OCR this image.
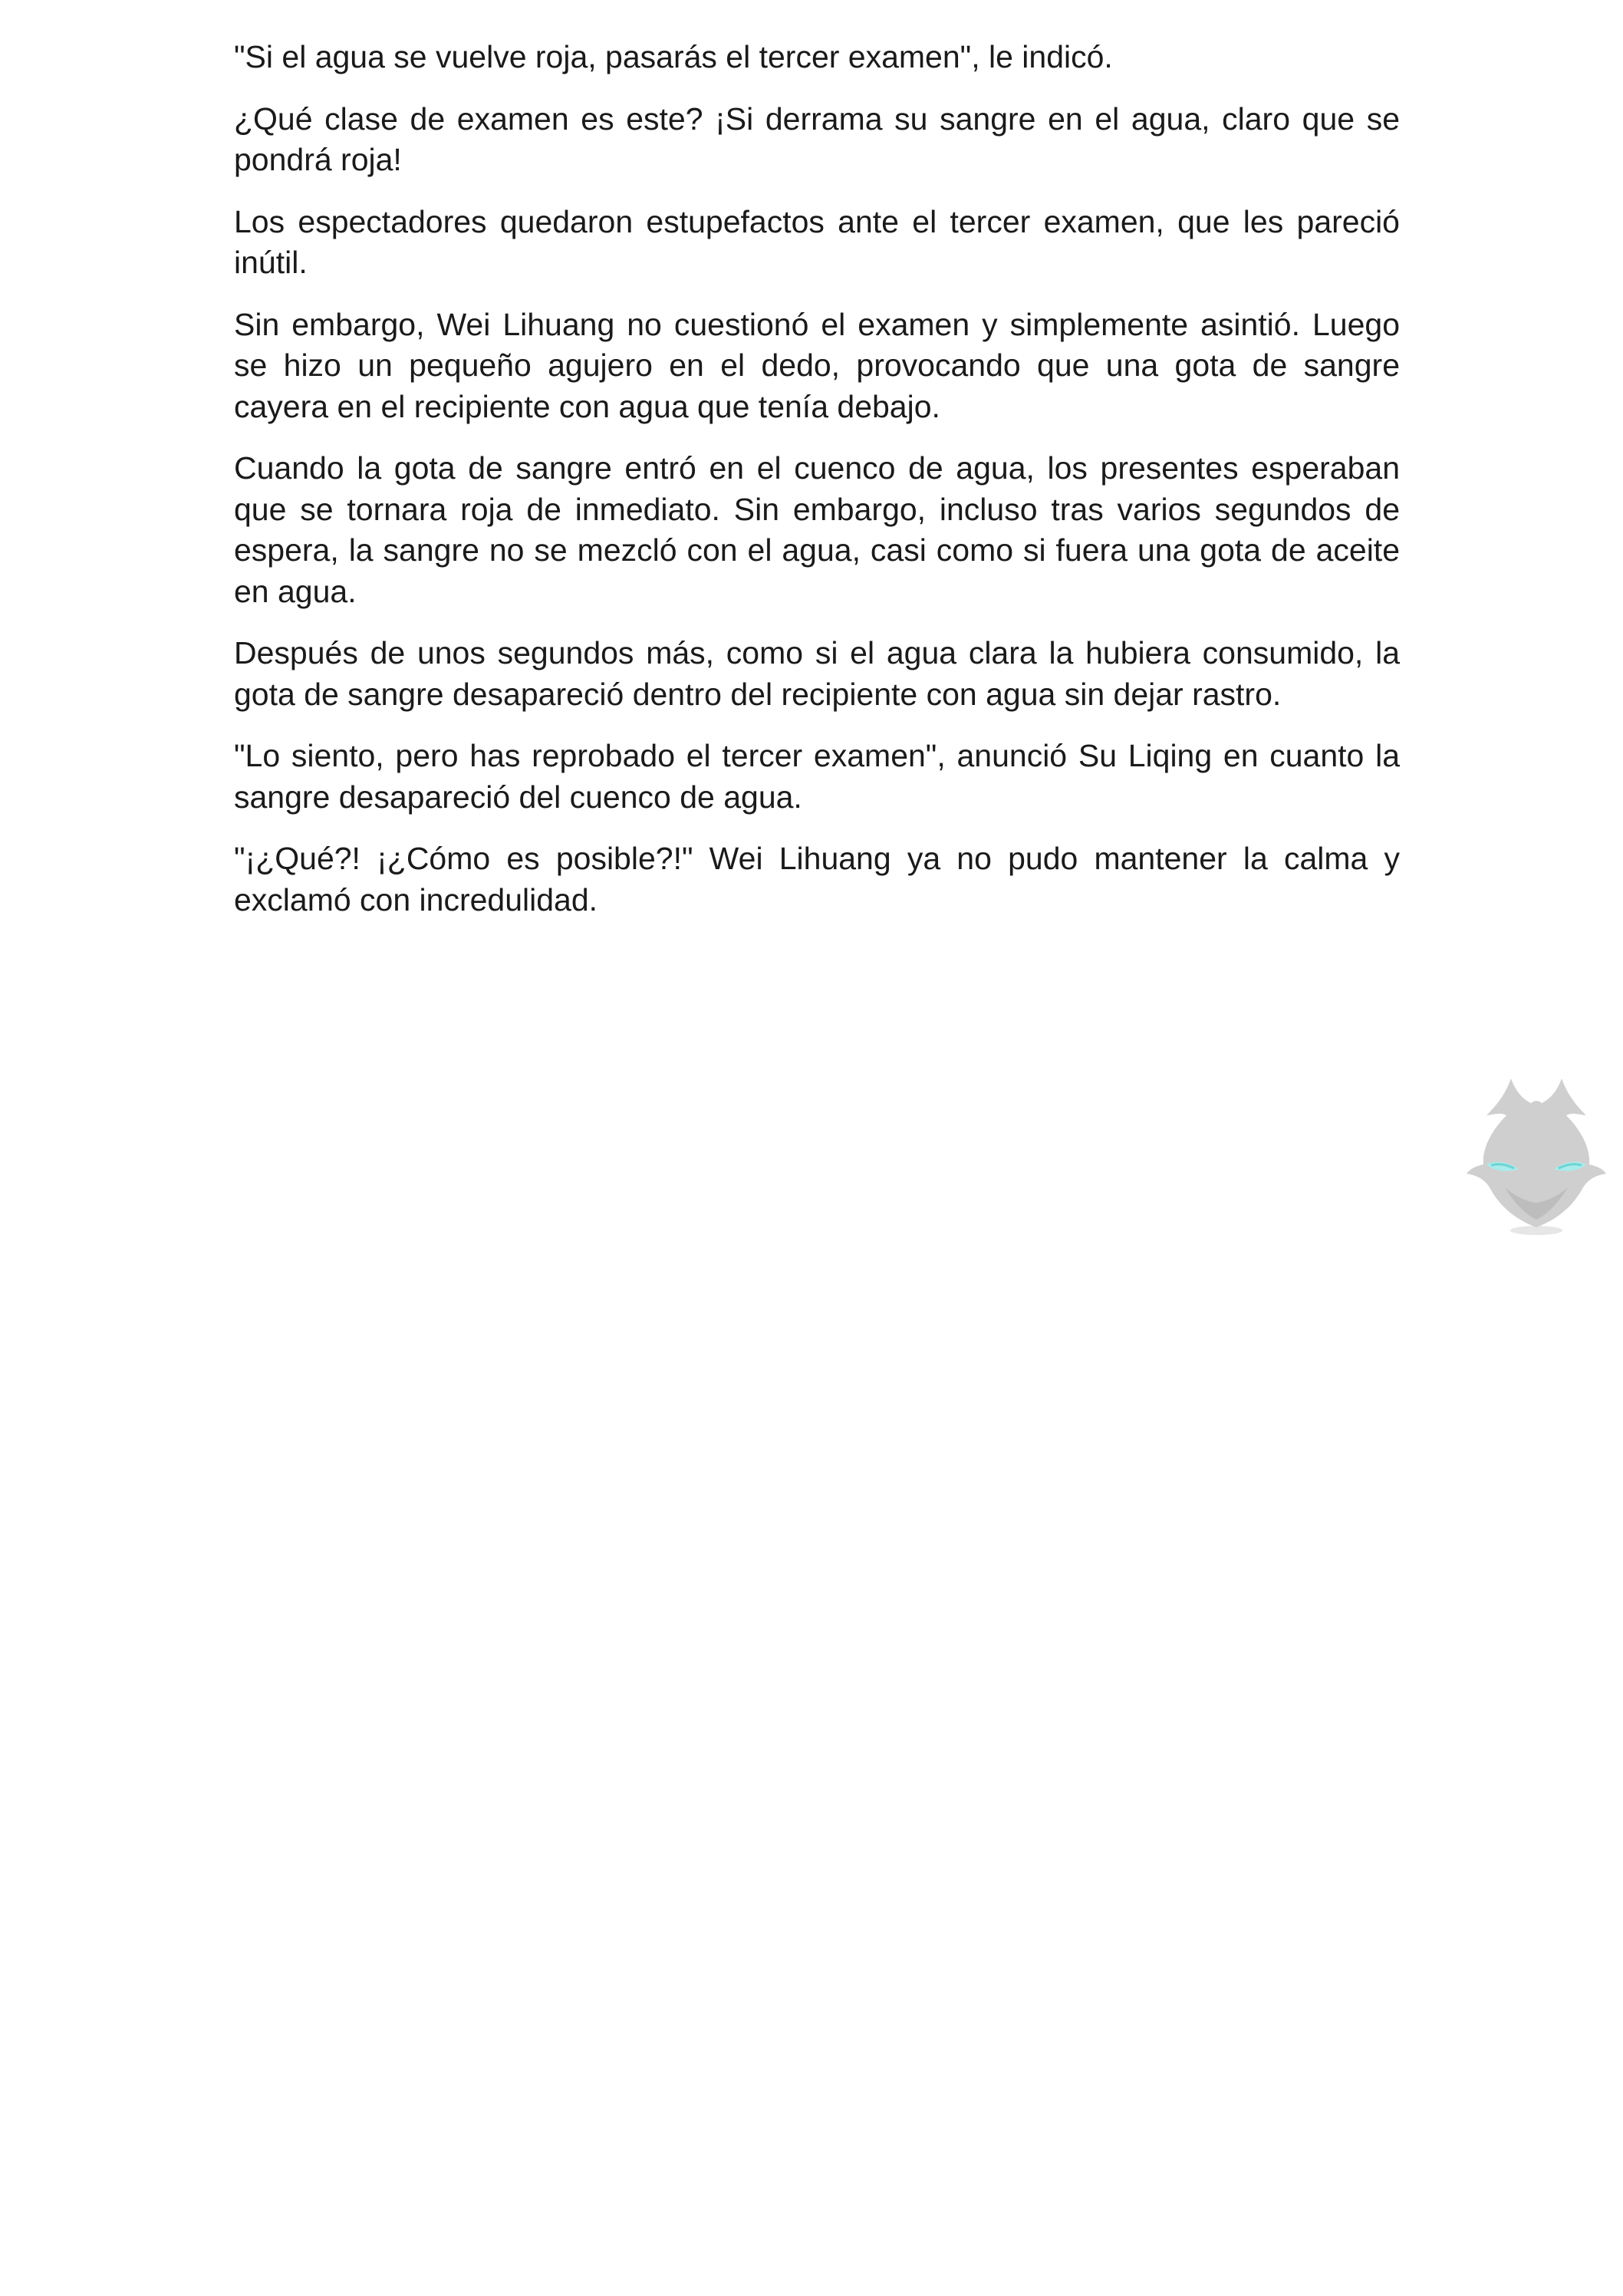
"Si el agua se vuelve roja, pasarás el tercer examen", le indicó.

¿Qué clase de examen es este? ¡Si derrama su sangre en el agua, claro que se pondrá roja!

Los espectadores quedaron estupefactos ante el tercer examen, que les pareció inútil.

Sin embargo, Wei Lihuang no cuestionó el examen y simplemente asintió. Luego se hizo un pequeño agujero en el dedo, provocando que una gota de sangre cayera en el recipiente con agua que tenía debajo.

Cuando la gota de sangre entró en el cuenco de agua, los presentes esperaban que se tornara roja de inmediato. Sin embargo, incluso tras varios segundos de espera, la sangre no se mezcló con el agua, casi como si fuera una gota de aceite en agua.

Después de unos segundos más, como si el agua clara la hubiera consumido, la gota de sangre desapareció dentro del recipiente con agua sin dejar rastro.

"Lo siento, pero has reprobado el tercer examen", anunció Su Liqing en cuanto la sangre desapareció del cuenco de agua.

"¡¿Qué?! ¡¿Cómo es posible?!" Wei Lihuang ya no pudo mantener la calma y exclamó con incredulidad.
